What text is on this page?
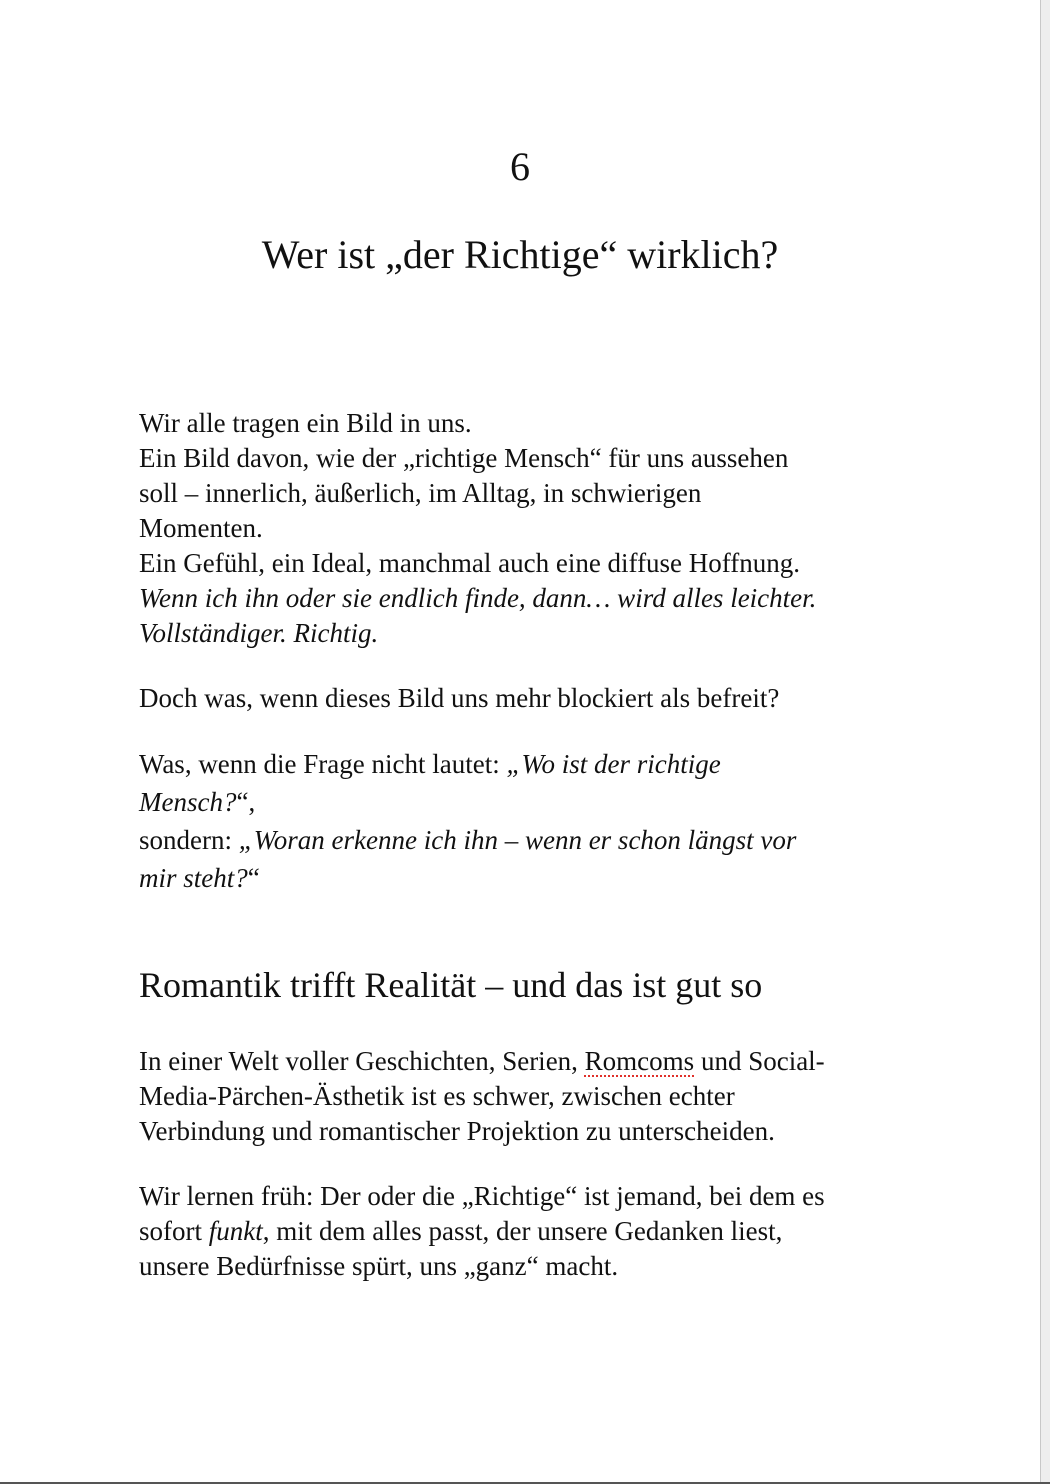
6
Wer ist „der Richtige“ wirklich?
Wir alle tragen ein Bild in uns.
Ein Bild davon, wie der „richtige Mensch“ für uns aussehen
soll – innerlich, äußerlich, im Alltag, in schwierigen
Momenten.
Ein Gefühl, ein Ideal, manchmal auch eine diffuse Hoffnung.
Wenn ich ihn oder sie endlich finde, dann… wird alles leichter.
Vollständiger. Richtig.
Doch was, wenn dieses Bild uns mehr blockiert als befreit?
Was, wenn die Frage nicht lautet: „Wo ist der richtige
Mensch?“,
sondern: „Woran erkenne ich ihn – wenn er schon längst vor
mir steht?“
Romantik trifft Realität – und das ist gut so
In einer Welt voller Geschichten, Serien, Romcoms und Social-
Media-Pärchen-Ästhetik ist es schwer, zwischen echter
Verbindung und romantischer Projektion zu unterscheiden.
Wir lernen früh: Der oder die „Richtige“ ist jemand, bei dem es
sofort funkt, mit dem alles passt, der unsere Gedanken liest,
unsere Bedürfnisse spürt, uns „ganz“ macht.
